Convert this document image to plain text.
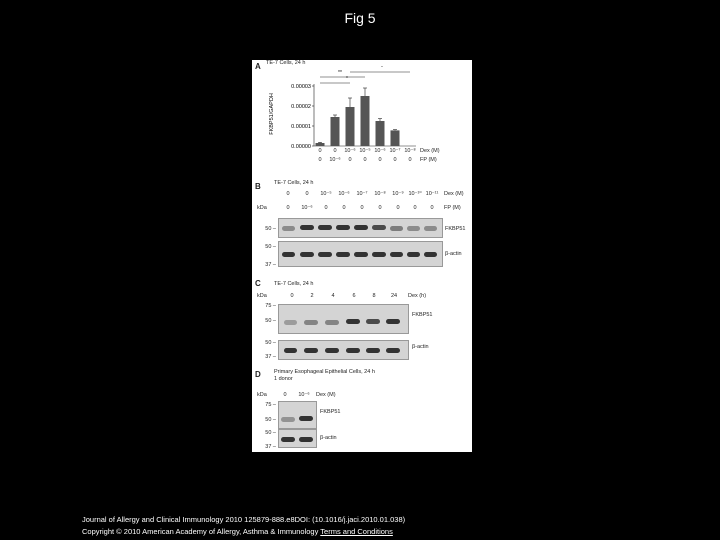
Fig 5
A TE-7 Cells, 24 h
FKBP51/GAPDH
**
*
*
0.00000
0.00001
0.00002
0.00003
0	0	10⁻⁶ 10⁻⁵ 10⁻⁶ 10⁻⁷ 10⁻⁸ Dex (M)
0	10⁻⁶	0	0	0	0	0	FP (M)
B TE-7 Cells, 24 h
0	0	10⁻⁵ 10⁻⁶ 10⁻⁷ 10⁻⁸ 10⁻⁹ 10⁻¹⁰ 10⁻¹¹ Dex (M)
kDa	0	10⁻⁶	0	0	0	0	0	0	0	FP (M)
50 –	FKBP51
50 –
β-actin
37 –
C TE-7 Cells, 24 h
kDa	0	2	4	6	8	24	Dex (h)
75 –
50 –
FKBP51
50 –
β-actin
37 –
D Primary Esophageal Epithelial Cells, 24 h
1 donor
kDa	0	10⁻⁶ Dex (M)
75 –
50 –
FKBP51
50 –
β-actin
37 –
Journal of Allergy and Clinical Immunology 2010 125879-888.e8DOI: (10.1016/j.jaci.2010.01.038)
Copyright © 2010 American Academy of Allergy, Asthma & Immunology Terms and Conditions
